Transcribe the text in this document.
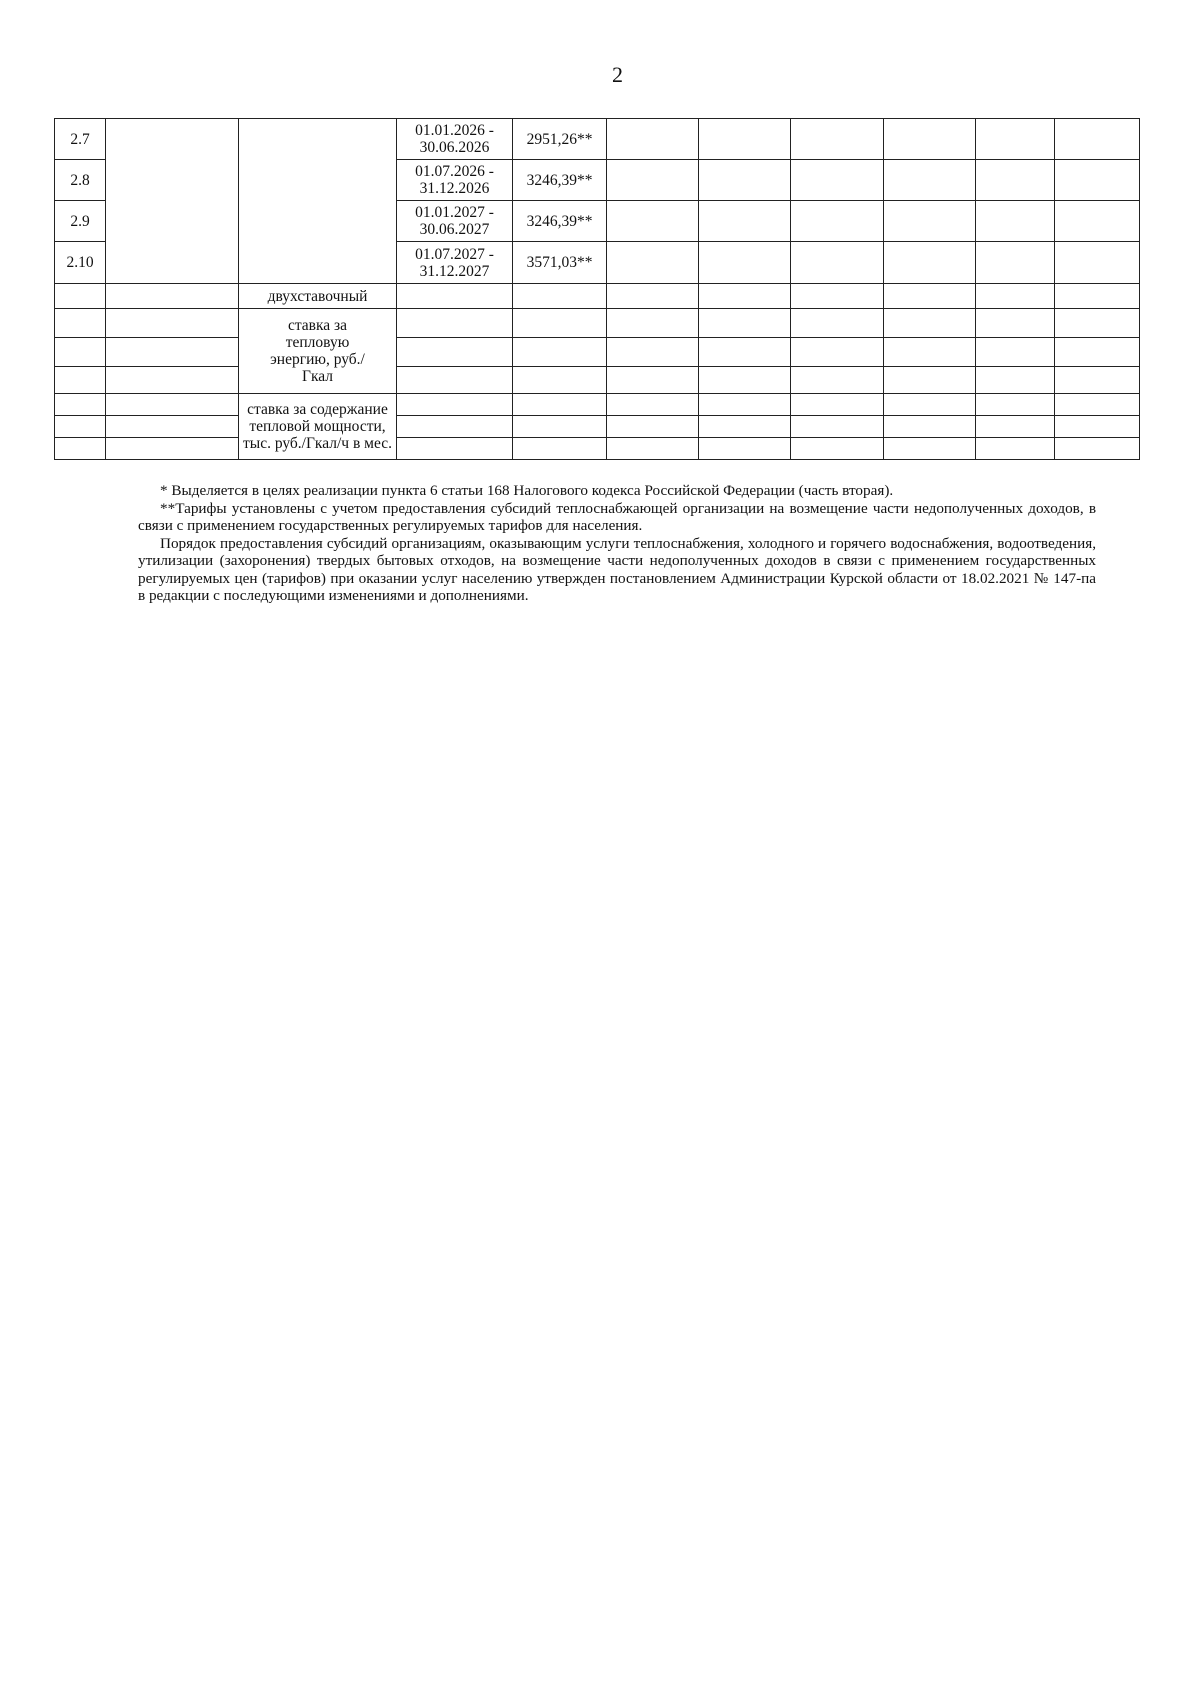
2
2.7			01.01.2026 -
30.06.2026	2951,26**						
2.8			01.07.2026 -
31.12.2026	3246,39**						
2.9			01.01.2027 -
30.06.2027	3246,39**						
2.10			01.07.2027 -
31.12.2027	3571,03**						
		двухставочный								
		ставка за тепловую энергию, руб./Гкал								

		ставка за содержание тепловой мощности, тыс. руб./Гкал/ч в мес.								

* Выделяется в целях реализации пункта 6 статьи 168 Налогового кодекса Российской Федерации (часть вторая).

**Тарифы установлены с учетом предоставления субсидий теплоснабжающей организации на возмещение части недополученных доходов, в связи с применением государственных регулируемых тарифов для населения.

Порядок предоставления субсидий организациям, оказывающим услуги теплоснабжения, холодного и горячего водоснабжения, водоотведения, утилизации (захоронения) твердых бытовых отходов, на возмещение части недополученных доходов в связи с применением государственных регулируемых цен (тарифов) при оказании услуг населению утвержден постановлением Администрации Курской области от 18.02.2021 № 147-па в редакции с последующими изменениями и дополнениями.
